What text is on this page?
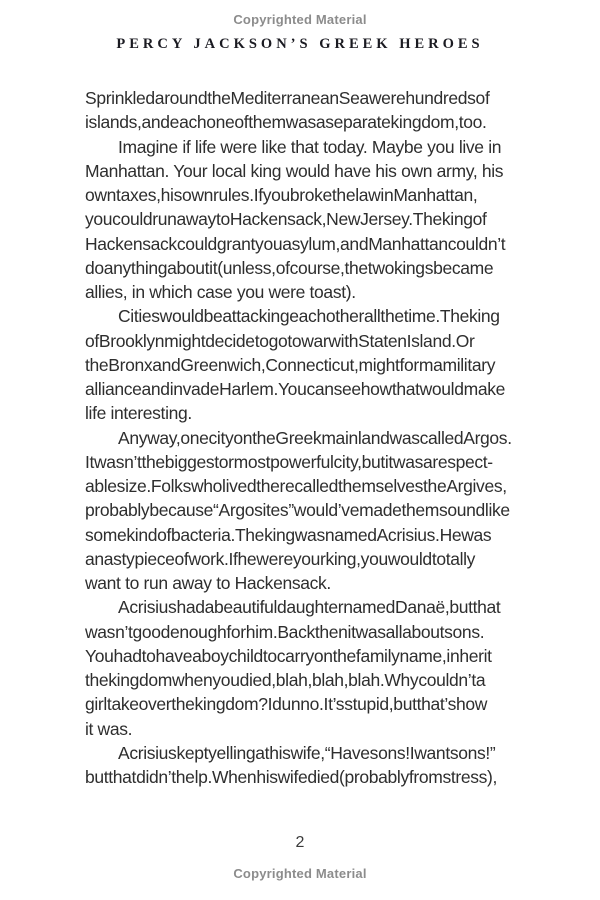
Copyrighted Material
PERCY JACKSON’S GREEK HEROES
SprinkledaroundtheMediterraneanSeawerehundredsof
islands,andeachoneofthemwasaseparatekingdom,too.
Imagine if life were like that today. Maybe you live in
Manhattan. Your local king would have his own army, his
owntaxes,hisownrules.IfyoubrokethelawinManhattan,
youcouldrunawaytoHackensack,NewJersey.Thekingof
Hackensackcouldgrantyouasylum,andManhattancouldn’t
doanythingaboutit(unless,ofcourse,thetwokingsbecame
allies, in which case you were toast).
Citieswouldbeattackingeachotherallthetime.Theking
ofBrooklynmightdecidetogotowarwithStatenIsland.Or
theBronxandGreenwich,Connecticut,mightformamilitary
allianceandinvadeHarlem.Youcanseehowthatwouldmake
life interesting.
Anyway,onecityontheGreekmainlandwascalledArgos.
Itwasn’tthebiggestormostpowerfulcity,butitwasarespect-
ablesize.FolkswholivedtherecalledthemselvestheArgives,
probablybecause“Argosites”would’vemadethemsoundlike
somekindofbacteria.ThekingwasnamedAcrisius.Hewas
anastypieceofwork.Ifhewereyourking,youwouldtotally
want to run away to Hackensack.
AcrisiushadabeautifuldaughternamedDanaë,butthat
wasn’tgoodenoughforhim.Backthenitwasallaboutsons.
Youhadtohaveaboychildtocarryonthefamilyname,inherit
thekingdomwhenyoudied,blah,blah,blah.Whycouldn’ta
girltakeoverthekingdom?Idunno.It’sstupid,butthat’show
it was.
Acrisiuskeptyellingathiswife,“Havesons!Iwantsons!”
butthatdidn’thelp.Whenhiswifedied(probablyfromstress),
2
Copyrighted Material
